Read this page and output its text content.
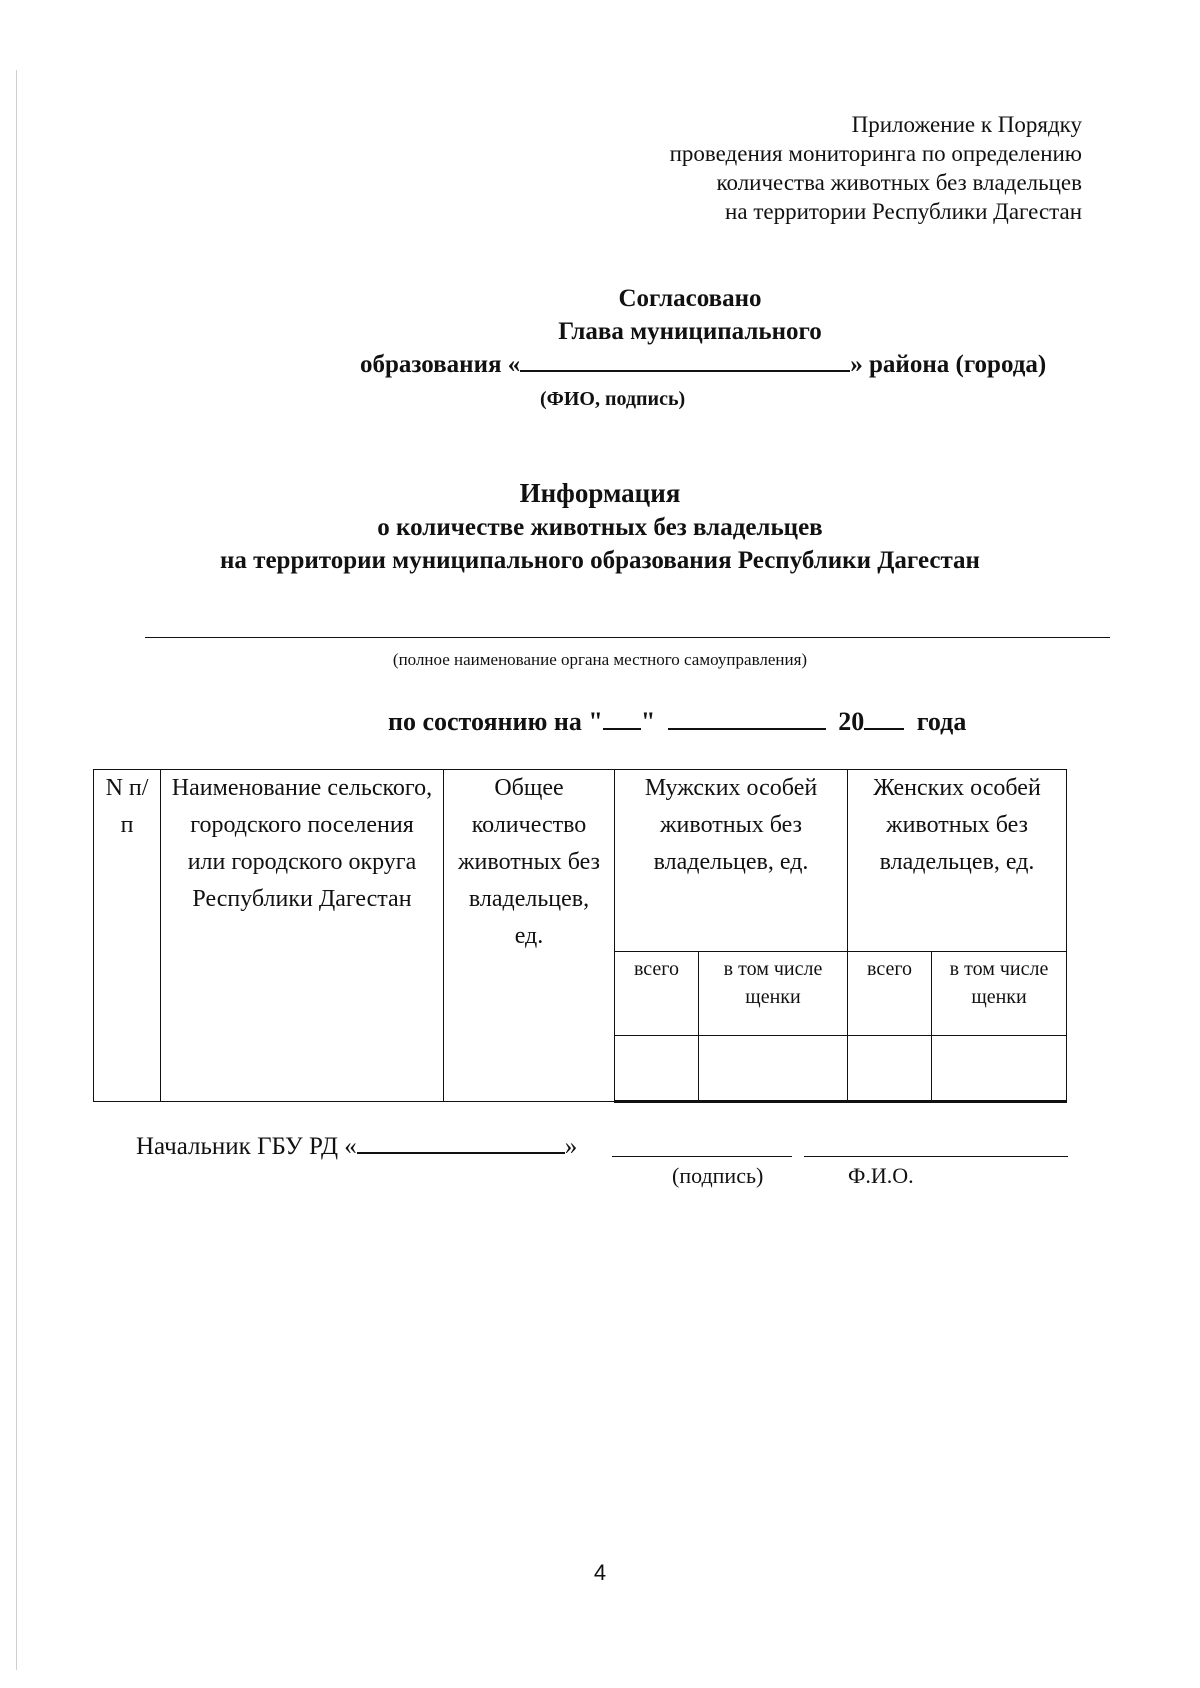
Приложение к Порядку
проведения мониторинга по определению
количества животных без владельцев
на территории Республики Дагестан
Согласовано
Глава муниципального
образования «	» района (города)
(ФИО, подпись)
Информация
о количестве животных без владельцев
на территории муниципального образования Республики Дагестан
(полное наименование органа местного самоуправления)
по состоянию на " "	20 года
N п/п	Наименование сельского, городского поселения или городского округа Республики Дагестан	Общее количество животных без владельцев, ед.	Мужских особей животных без владельцев, ед.		Женских особей животных без владельцев, ед.	
			всего	в том числе щенки	всего	в том числе щенки

Начальник ГБУ РД «	»
(подпись)	Ф.И.О.
4
